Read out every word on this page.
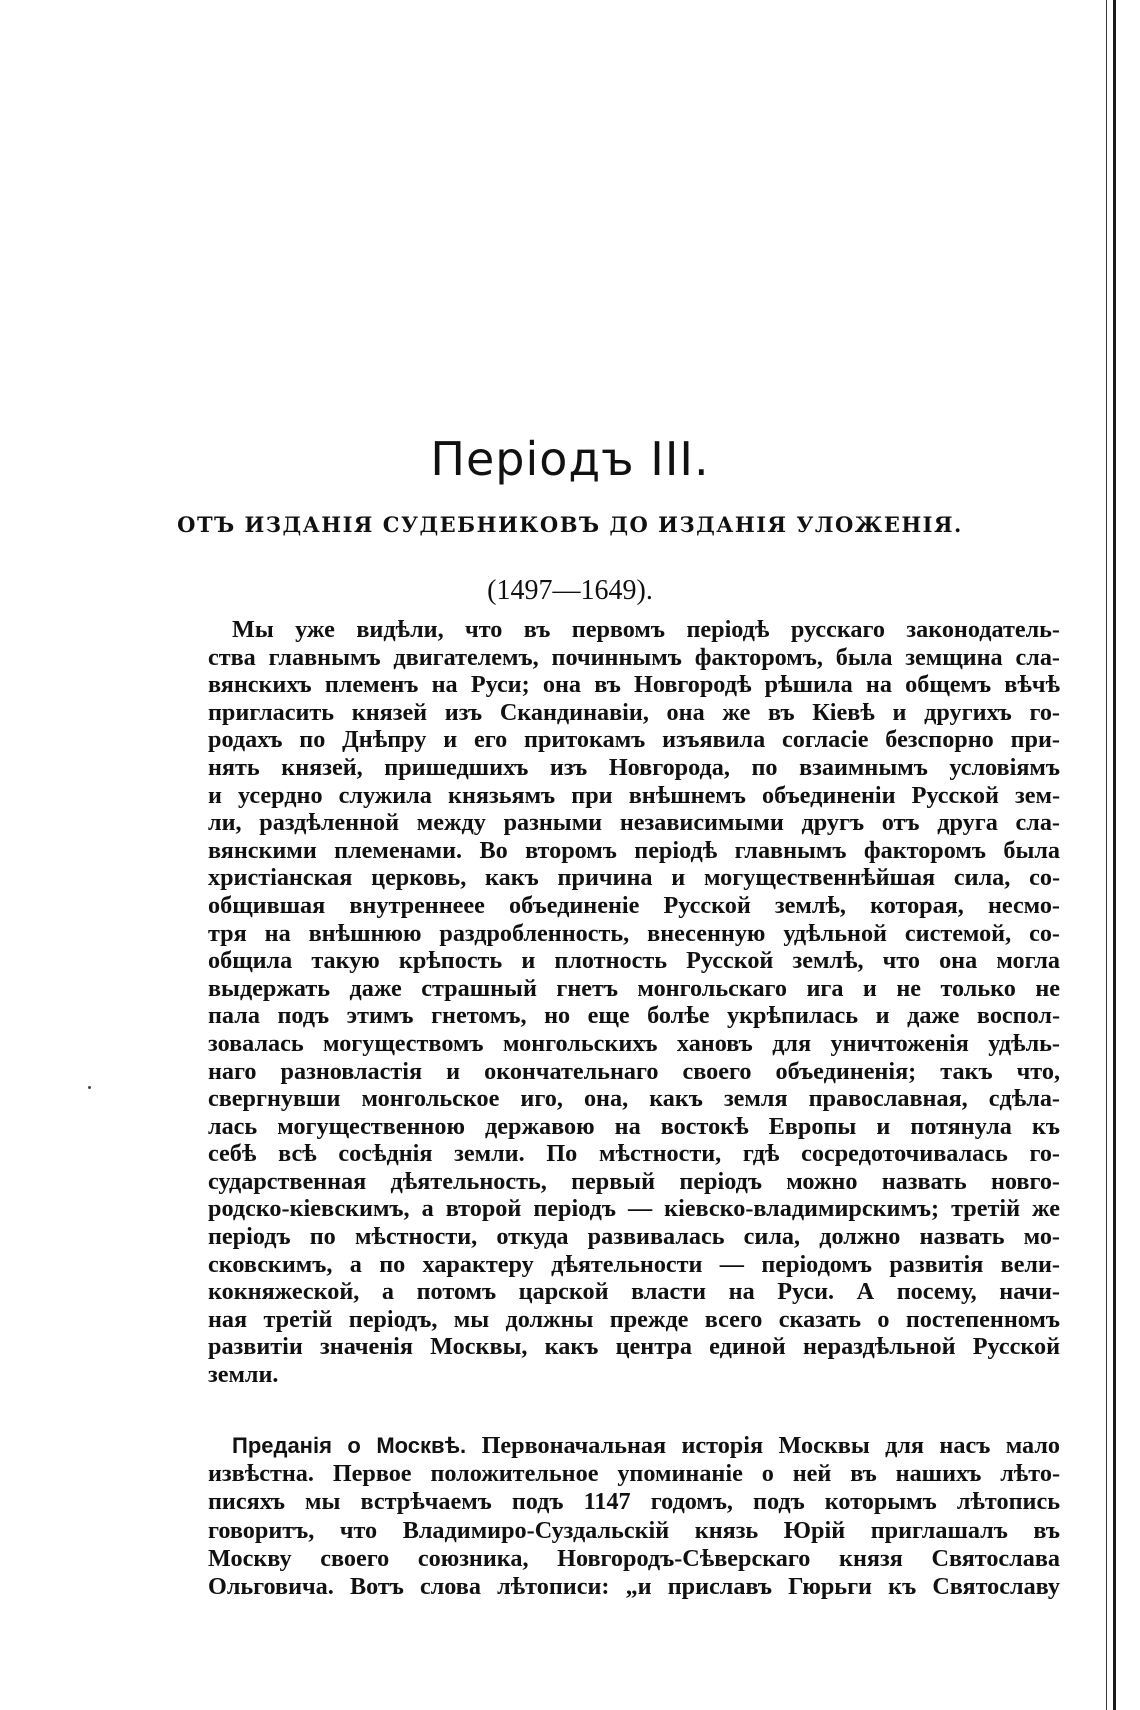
Періодъ III.
ОТЪ ИЗДАНІЯ СУДЕБНИКОВЪ ДО ИЗДАНІЯ УЛОЖЕНІЯ.
(1497—1649).
Мы уже видѣли, что въ первомъ періодѣ русскаго законодатель-
ства главнымъ двигателемъ, починнымъ факторомъ, была земщина сла-
вянскихъ племенъ на Руси; она въ Новгородѣ рѣшила на общемъ вѣчѣ
пригласить князей изъ Скандинавіи, она же въ Кіевѣ и другихъ го-
родахъ по Днѣпру и его притокамъ изъявила согласіе безспорно при-
нять князей, пришедшихъ изъ Новгорода, по взаимнымъ условіямъ
и усердно служила князьямъ при внѣшнемъ объединеніи Русской зем-
ли, раздѣленной между разными независимыми другъ отъ друга сла-
вянскими племенами. Во второмъ періодѣ главнымъ факторомъ была
христіанская церковь, какъ причина и могущественнѣйшая сила, со-
общившая внутреннеее объединеніе Русской землѣ, которая, несмо-
тря на внѣшнюю раздробленность, внесенную удѣльной системой, со-
общила такую крѣпость и плотность Русской землѣ, что она могла
выдержать даже страшный гнетъ монгольскаго ига и не только не
пала подъ этимъ гнетомъ, но еще болѣе укрѣпилась и даже воспол-
зовалась могуществомъ монгольскихъ хановъ для уничтоженія удѣль-
наго разновластія и окончательнаго своего объединенія; такъ что,
свергнувши монгольское иго, она, какъ земля православная, сдѣла-
лась могущественною державою на востокѣ Европы и потянула къ
себѣ всѣ сосѣднія земли. По мѣстности, гдѣ сосредоточивалась го-
сударственная дѣятельность, первый періодъ можно назвать новго-
родско-кіевскимъ, а второй періодъ — кіевско-владимирскимъ; третій же
періодъ по мѣстности, откуда развивалась сила, должно назвать мо-
сковскимъ, а по характеру дѣятельности — періодомъ развитія вели-
кокняжеской, а потомъ царской власти на Руси. А посему, начи-
ная третій періодъ, мы должны прежде всего сказать о постепенномъ
развитіи значенія Москвы, какъ центра единой нераздѣльной Русской
земли.
Преданія о Москвѣ. Первоначальная исторія Москвы для насъ мало
извѣстна. Первое положительное упоминаніе о ней въ нашихъ лѣто-
писяхъ мы встрѣчаемъ подъ 1147 годомъ, подъ которымъ лѣтопись
говоритъ, что Владимиро-Суздальскій князь Юрій приглашалъ въ
Москву своего союзника, Новгородъ-Сѣверскаго князя Святослава
Ольговича. Вотъ слова лѣтописи: „и приславъ Гюрьги къ Святославу
